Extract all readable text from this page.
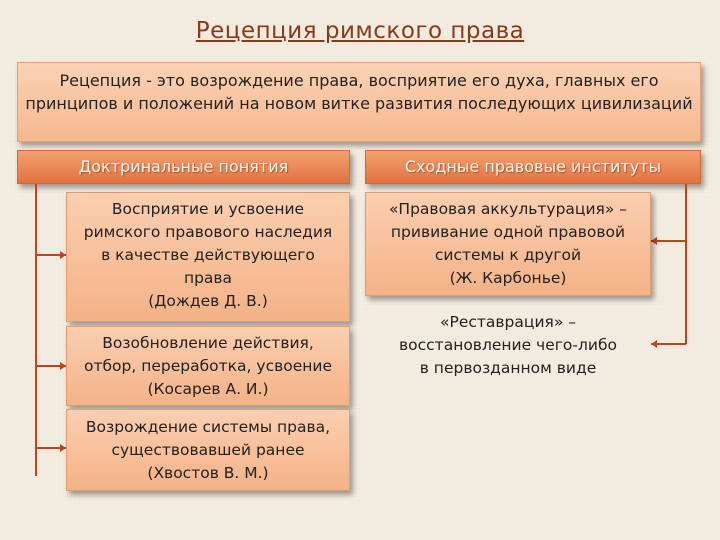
Рецепция римского права
Рецепция - это возрождение права, восприятие его духа, главных его
принципов и положений на новом витке развития последующих цивилизаций
Доктринальные понятия	Сходные правовые институты
Восприятие и усвоение
римского правового наследия
в качестве действующего
права
(Дождев Д. В.)
Возобновление действия,
отбор, переработка, усвоение
(Косарев А. И.)
Возрождение системы права,
существовавшей ранее
(Хвостов В. М.)
«Правовая аккультурация» –
прививание одной правовой
системы к другой
(Ж. Карбонье)
«Реставрация» –
восстановление чего-либо
в первозданном виде
